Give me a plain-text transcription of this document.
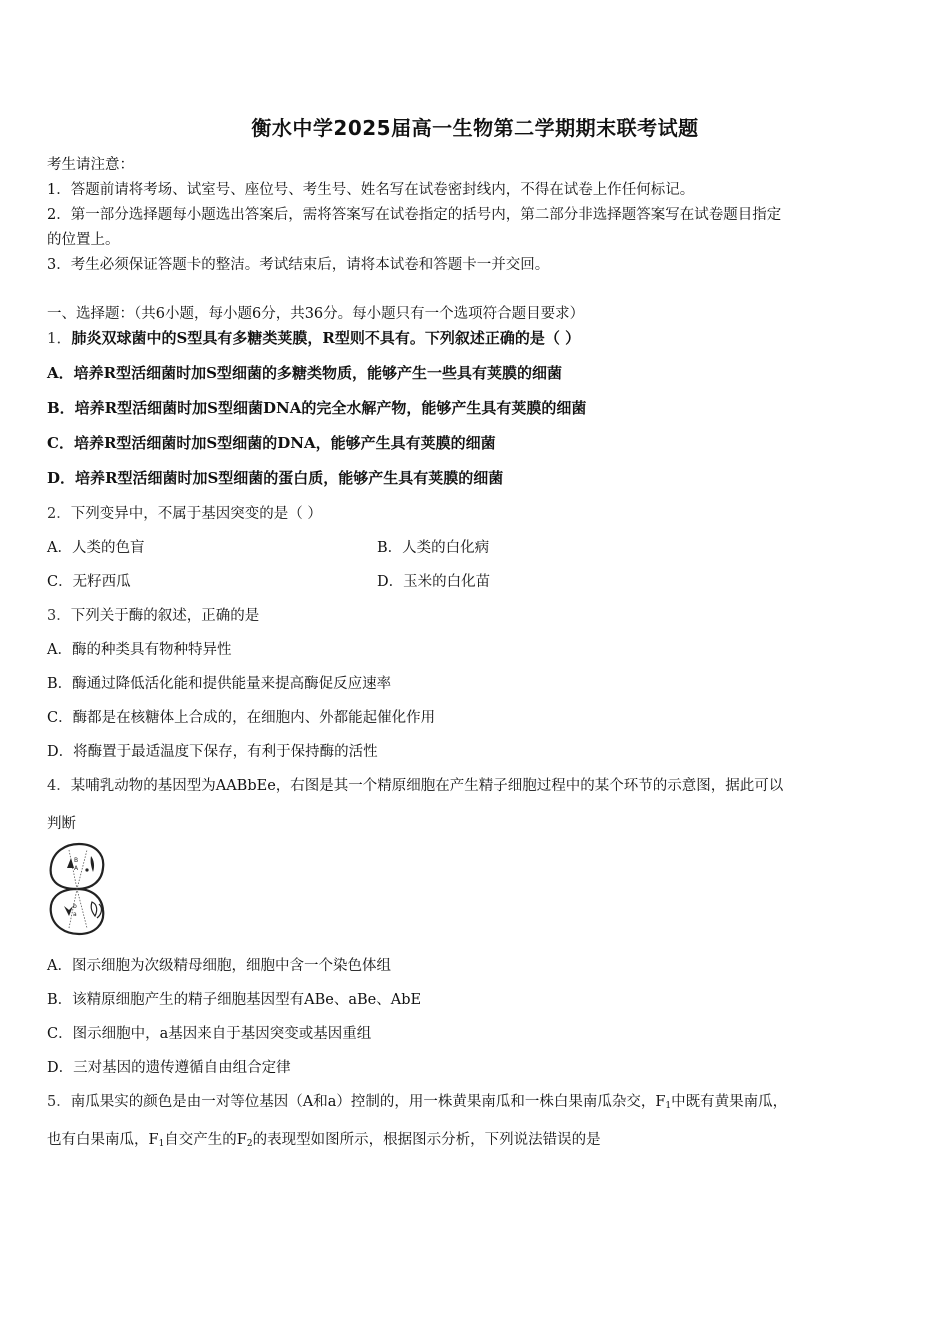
衡水中学2025届高一生物第二学期期末联考试题
考生请注意：
1．答题前请将考场、试室号、座位号、考生号、姓名写在试卷密封线内，不得在试卷上作任何标记。
2．第一部分选择题每小题选出答案后，需将答案写在试卷指定的括号内，第二部分非选择题答案写在试卷题目指定
的位置上。
3．考生必须保证答题卡的整洁。考试结束后，请将本试卷和答题卡一并交回。
一、选择题：（共6小题，每小题6分，共36分。每小题只有一个选项符合题目要求）
1．肺炎双球菌中的S型具有多糖类荚膜，R型则不具有。下列叙述正确的是（ ）
A．培养R型活细菌时加S型细菌的多糖类物质，能够产生一些具有荚膜的细菌
B．培养R型活细菌时加S型细菌DNA的完全水解产物，能够产生具有荚膜的细菌
C．培养R型活细菌时加S型细菌的DNA，能够产生具有荚膜的细菌
D．培养R型活细菌时加S型细菌的蛋白质，能够产生具有荚膜的细菌
2．下列变异中，不属于基因突变的是（ ）
A．人类的色盲	B．人类的白化病
C．无籽西瓜	D．玉米的白化苗
3．下列关于酶的叙述，正确的是
A．酶的种类具有物种特异性
B．酶通过降低活化能和提供能量来提高酶促反应速率
C．酶都是在核糖体上合成的，在细胞内、外都能起催化作用
D．将酶置于最适温度下保存，有利于保持酶的活性
4．某哺乳动物的基因型为AABbEe，右图是其一个精原细胞在产生精子细胞过程中的某个环节的示意图，据此可以
判断
B
A
b
a
A．图示细胞为次级精母细胞，细胞中含一个染色体组
B．该精原细胞产生的精子细胞基因型有ABe、aBe、AbE
C．图示细胞中，a基因来自于基因突变或基因重组
D．三对基因的遗传遵循自由组合定律
5．南瓜果实的颜色是由一对等位基因（A和a）控制的，用一株黄果南瓜和一株白果南瓜杂交，$F_1$中既有黄果南瓜，
也有白果南瓜，$F_1$自交产生的$F_2$的表现型如图所示，根据图示分析，下列说法错误的是
